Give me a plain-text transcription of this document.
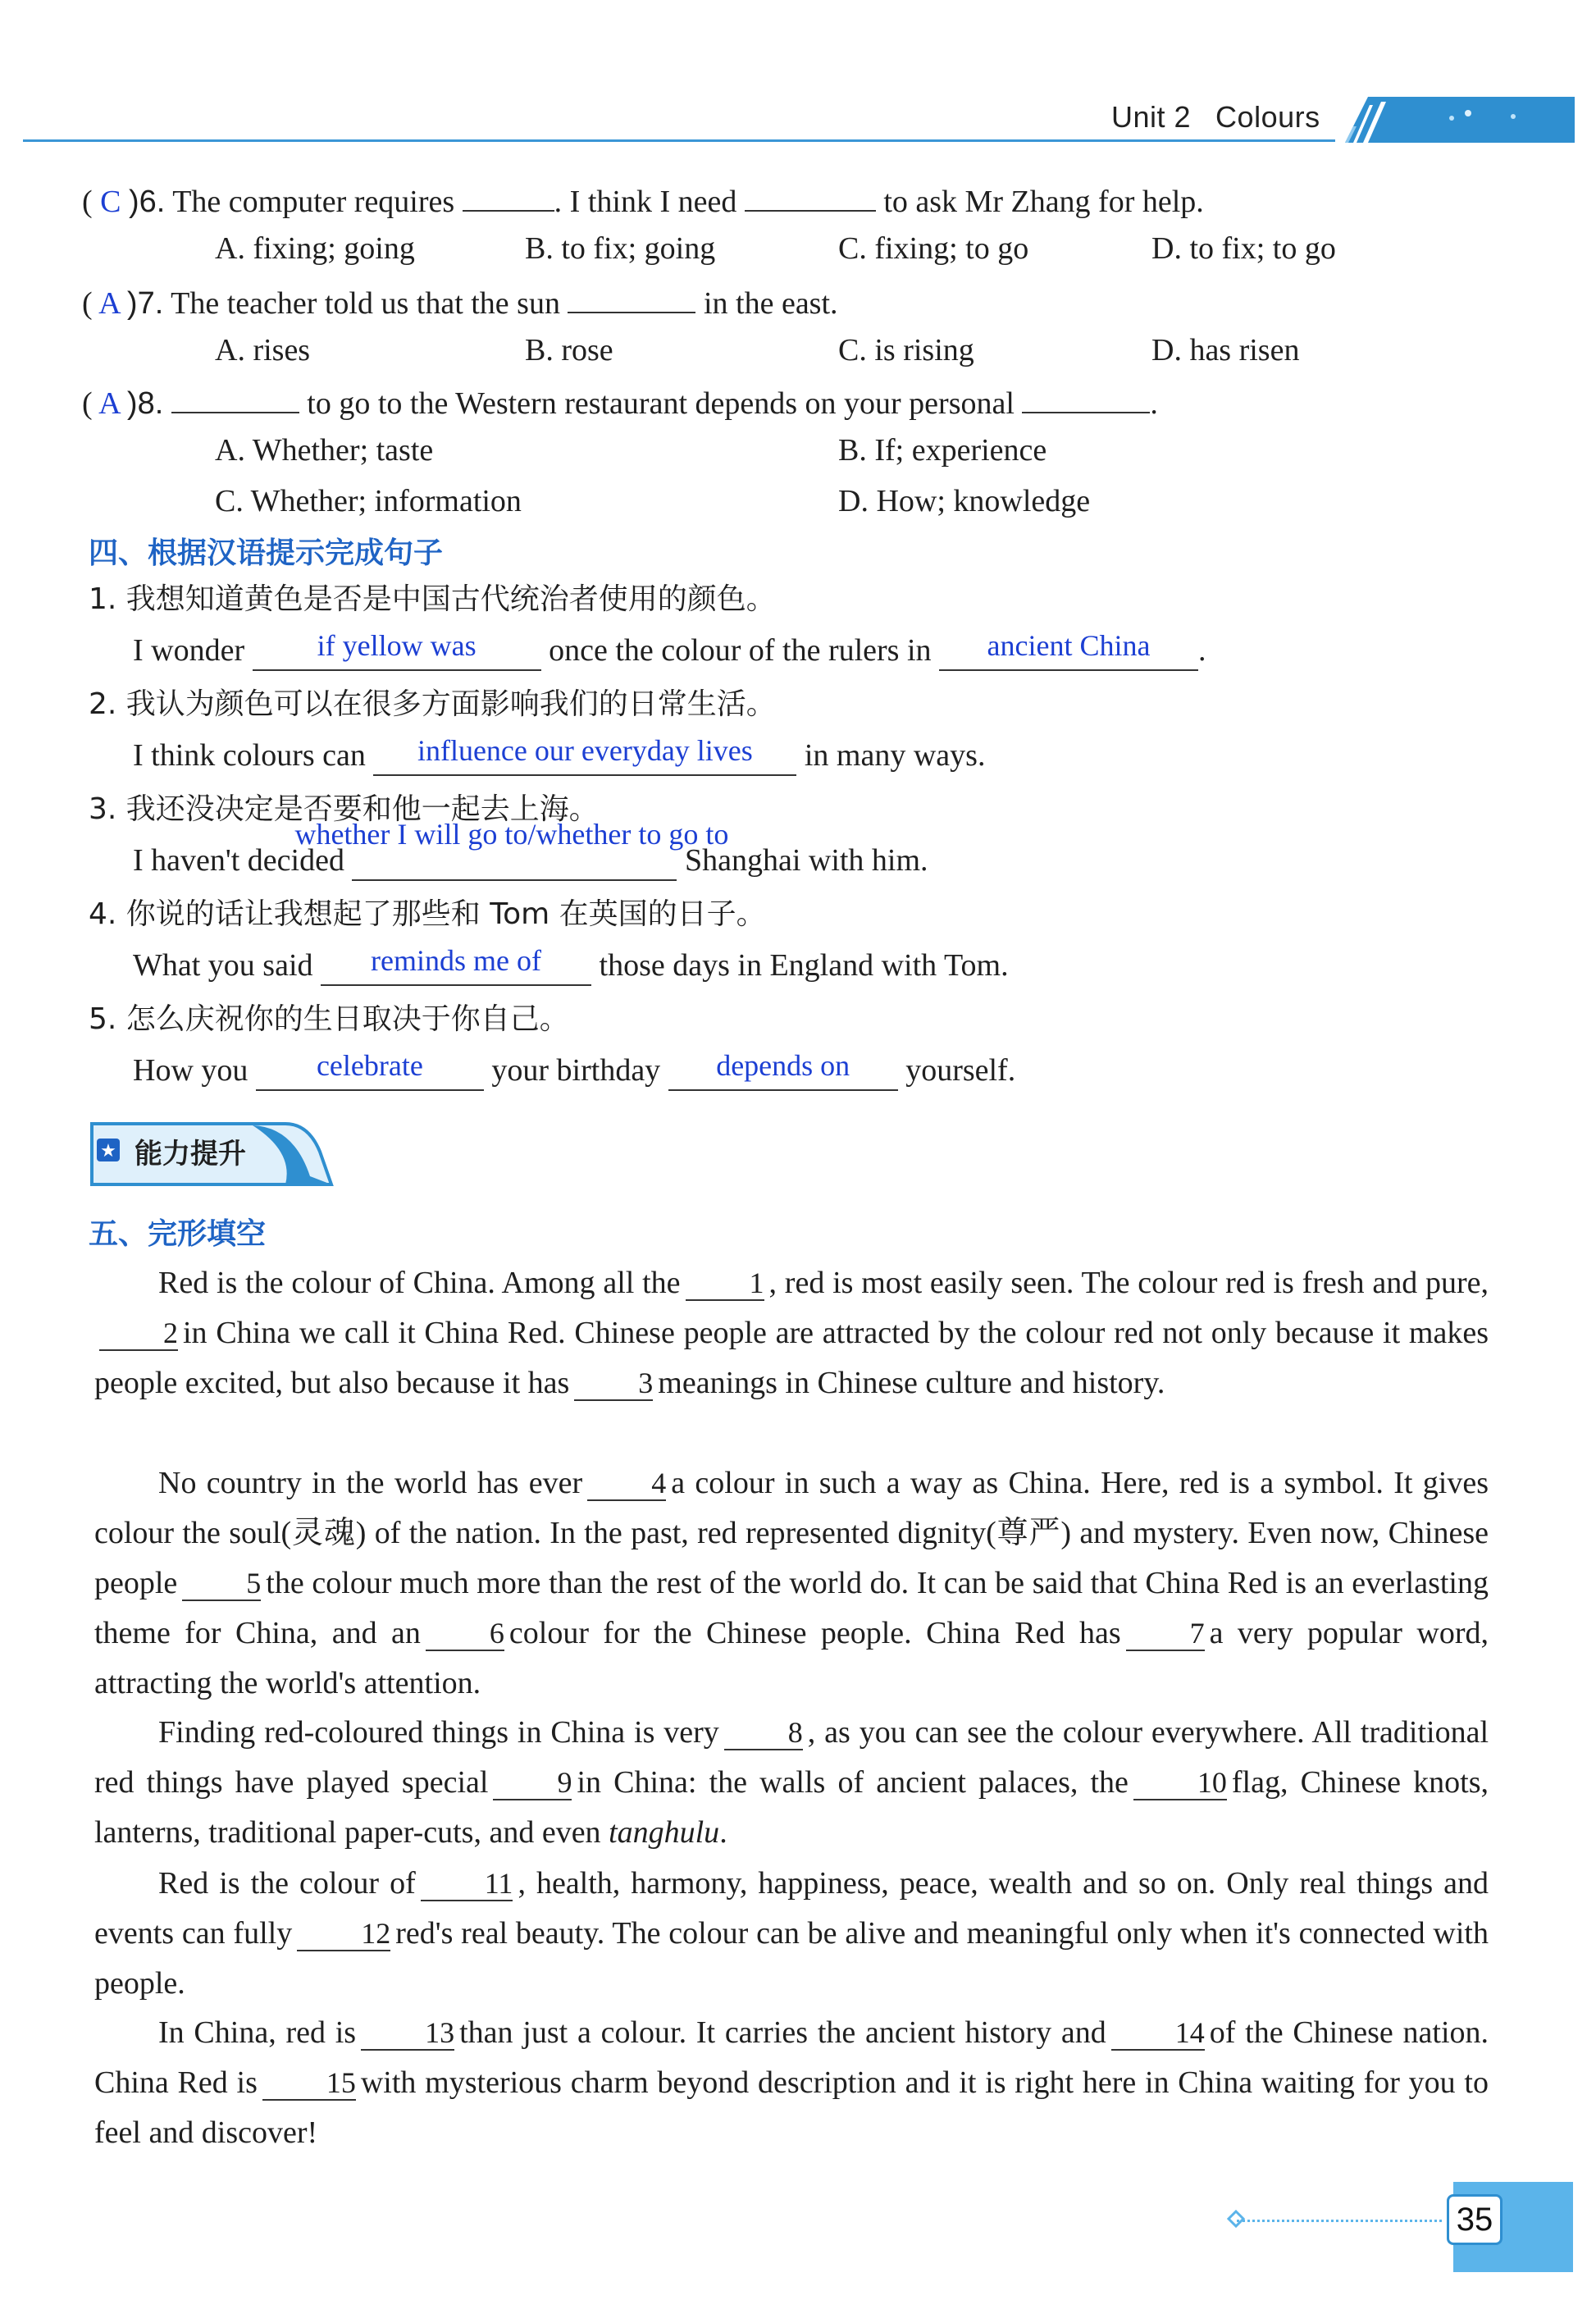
Unit 2 Colours
( C )6. The computer requires	. I think I need	to ask Mr Zhang for help.
A. fixing; going	B. to fix; going	C. fixing; to go	D. to fix; to go
( A )7. The teacher told us that the sun	in the east.
A. rises	B. rose	C. is rising	D. has risen
( A )8.	to go to the Western restaurant depends on your personal	.
A. Whether; taste	B. If; experience
C. Whether; information	D. How; knowledge
四、根据汉语提示完成句子
1. 我想知道黄色是否是中国古代统治者使用的颜色。
I wonder if yellow was once the colour of the rulers in ancient China .
2. 我认为颜色可以在很多方面影响我们的日常生活。
I think colours can influence our everyday lives in many ways.
3. 我还没决定是否要和他一起去上海。
I haven't decided
whether I will go to/whether to go to
Shanghai with him.
4. 你说的话让我想起了那些和 Tom 在英国的日子。
What you said reminds me of those days in England with Tom.
5. 怎么庆祝你的生日取决于你自己。
How you celebrate your birthday depends on yourself.
★ 能力提升
五、完形填空
Red is the colour of China. Among all the 1 , red is most easily seen. The colour red is fresh and pure,2 in China we call it China Red. Chinese people are attracted by the colour red not only because it makes people excited, but also because it has 3 meanings in Chinese culture and history.
No country in the world has ever 4 a colour in such a way as China. Here, red is a symbol. It gives colour the soul(灵魂) of the nation. In the past, red represented dignity(尊严) and mystery. Even now, Chinese people 5 the colour much more than the rest of the world do. It can be said that China Red is an everlasting theme for China, and an 6 colour for the Chinese people. China Red has 7 a very popular word, attracting the world's attention.
Finding red-coloured things in China is very 8 , as you can see the colour everywhere. All traditional red things have played special 9 in China: the walls of ancient palaces, the 10 flag, Chinese knots, lanterns, traditional paper-cuts, and even tanghulu.
Red is the colour of 11 , health, harmony, happiness, peace, wealth and so on. Only real things and events can fully 12 red's real beauty. The colour can be alive and meaningful only when it's connected with people.
In China, red is 13 than just a colour. It carries the ancient history and 14 of the Chinese nation. China Red is 15 with mysterious charm beyond description and it is right here in China waiting for you to feel and discover!
35
